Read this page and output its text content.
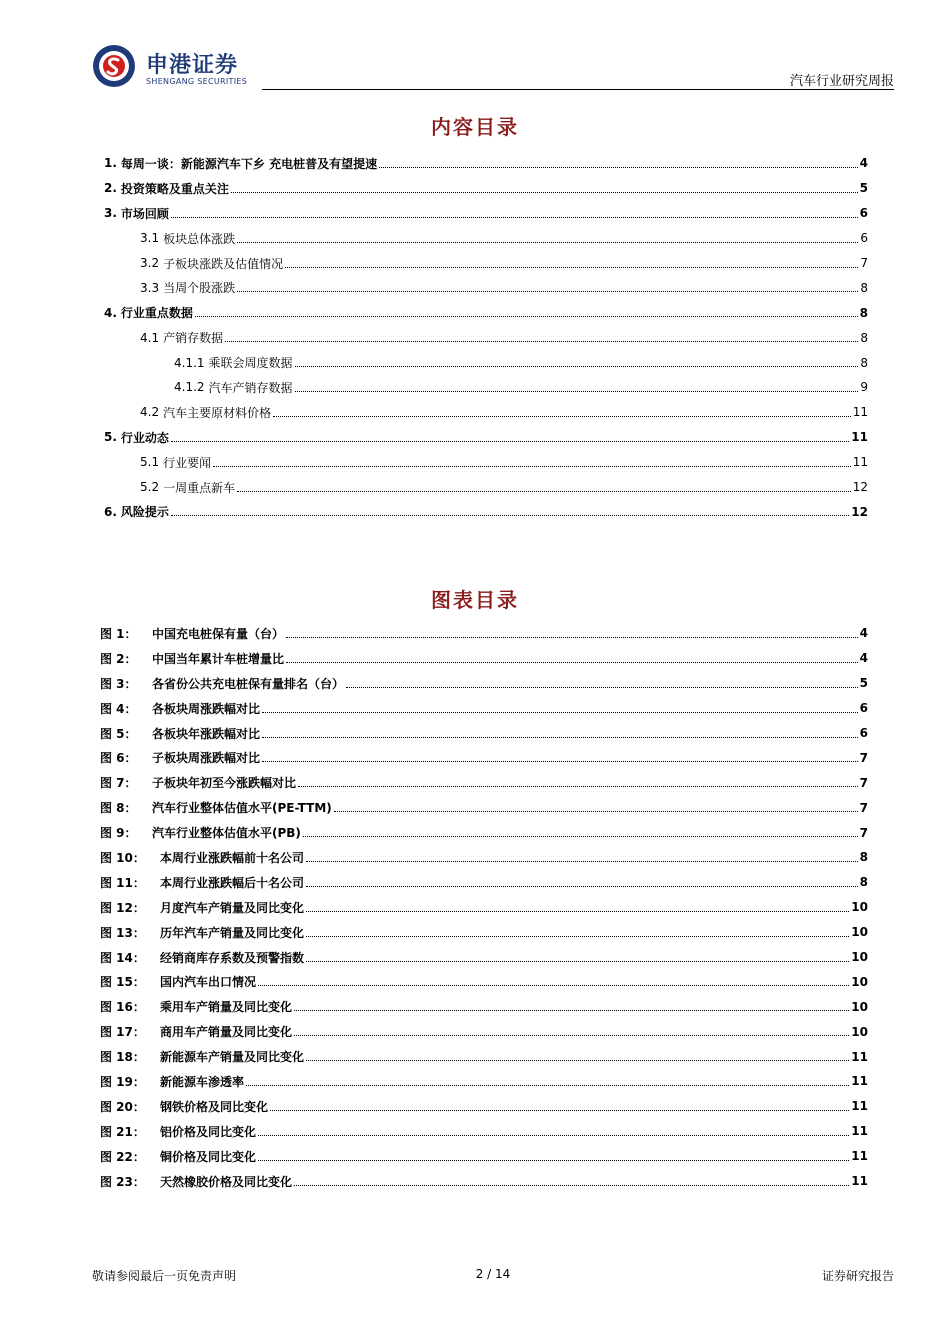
申港证券
SHENGANG SECURITIES	汽车行业研究周报
内容目录
1. 每周一谈：新能源汽车下乡 充电桩普及有望提速	4
2. 投资策略及重点关注	5
3. 市场回顾	6
3.1 板块总体涨跌	6
3.2 子板块涨跌及估值情况	7
3.3 当周个股涨跌	8
4. 行业重点数据	8
4.1 产销存数据	8
4.1.1 乘联会周度数据	8
4.1.2 汽车产销存数据	9
4.2 汽车主要原材料价格	11
5. 行业动态	11
5.1 行业要闻	11
5.2 一周重点新车	12
6. 风险提示	12
图表目录
图 1：	中国充电桩保有量（台）	4
图 2：	中国当年累计车桩增量比	4
图 3：	各省份公共充电桩保有量排名（台）	5
图 4：	各板块周涨跌幅对比	6
图 5：	各板块年涨跌幅对比	6
图 6：	子板块周涨跌幅对比	7
图 7：	子板块年初至今涨跌幅对比	7
图 8：	汽车行业整体估值水平(PE-TTM)	7
图 9：	汽车行业整体估值水平(PB)	7
图 10：	本周行业涨跌幅前十名公司	8
图 11：	本周行业涨跌幅后十名公司	8
图 12：	月度汽车产销量及同比变化	10
图 13：	历年汽车产销量及同比变化	10
图 14：	经销商库存系数及预警指数	10
图 15：	国内汽车出口情况	10
图 16：	乘用车产销量及同比变化	10
图 17：	商用车产销量及同比变化	10
图 18：	新能源车产销量及同比变化	11
图 19：	新能源车渗透率	11
图 20：	钢铁价格及同比变化	11
图 21：	铝价格及同比变化	11
图 22：	铜价格及同比变化	11
图 23：	天然橡胶价格及同比变化	11
敬请参阅最后一页免责声明	2 / 14	证券研究报告
